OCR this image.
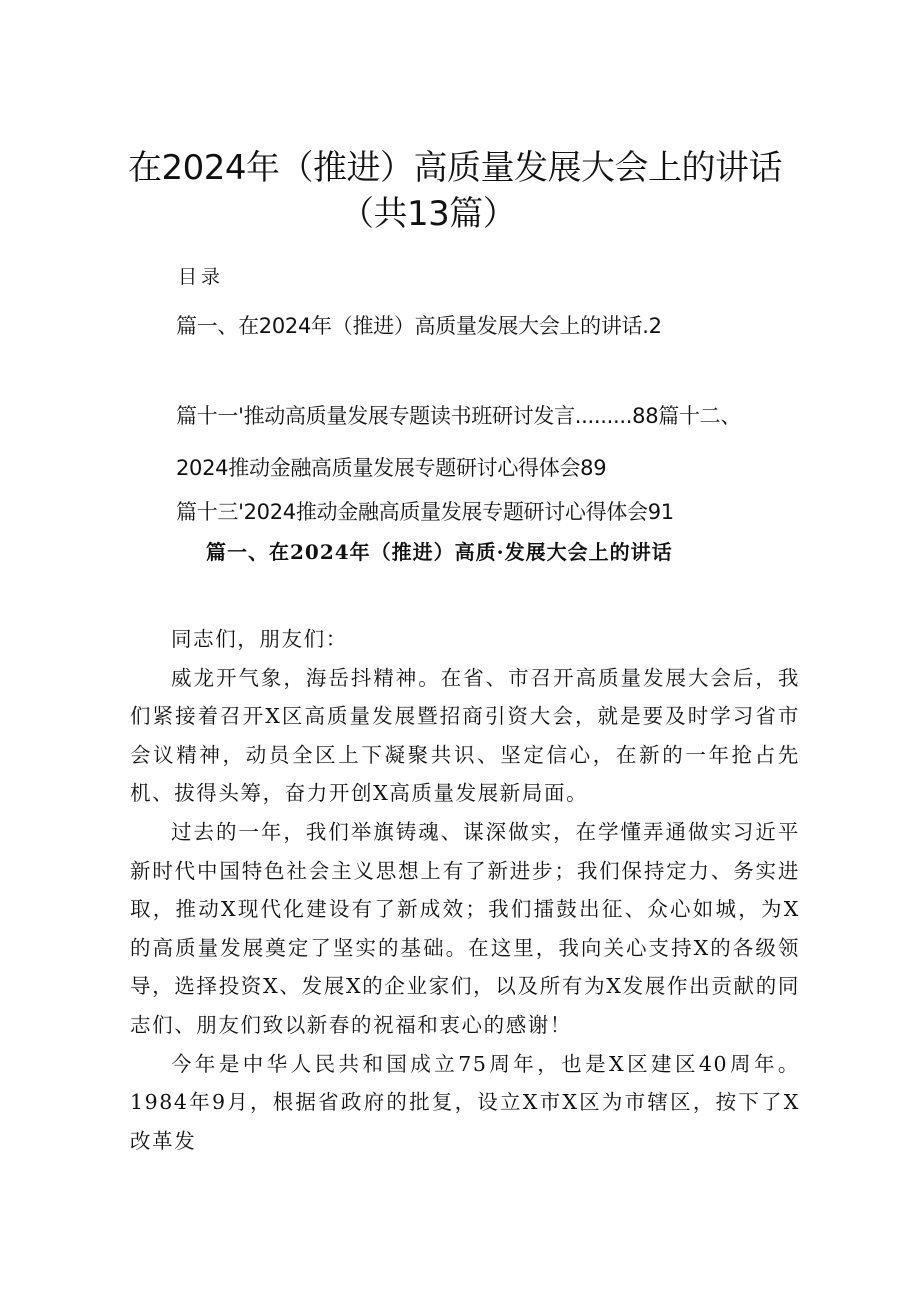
在2024年（推进）高质量发展大会上的讲话
（共13篇）
目录
篇一、在2024年（推进）高质量发展大会上的讲话.2
篇十一'推动高质量发展专题读书班研讨发言.........88篇十二、
2024推动金融高质量发展专题研讨心得体会89
篇十三'2024推动金融高质量发展专题研讨心得体会91
篇一、在2024年（推进）高质·发展大会上的讲话

同志们，朋友们：

威龙开气象，海岳抖精神。在省、市召开高质量发展大会后，我们紧接着召开X区高质量发展暨招商引资大会，就是要及时学习省市会议精神，动员全区上下凝聚共识、坚定信心，在新的一年抢占先机、拔得头筹，奋力开创X高质量发展新局面。

过去的一年，我们举旗铸魂、谋深做实，在学懂弄通做实习近平新时代中国特色社会主义思想上有了新进步；我们保持定力、务实进取，推动X现代化建设有了新成效；我们擂鼓出征、众心如城，为X的高质量发展奠定了坚实的基础。在这里，我向关心支持X的各级领导，选择投资X、发展X的企业家们，以及所有为X发展作出贡献的同志们、朋友们致以新春的祝福和衷心的感谢！

今年是中华人民共和国成立75周年，也是X区建区40周年。1984年9月，根据省政府的批复，设立X市X区为市辖区，按下了X改革发
